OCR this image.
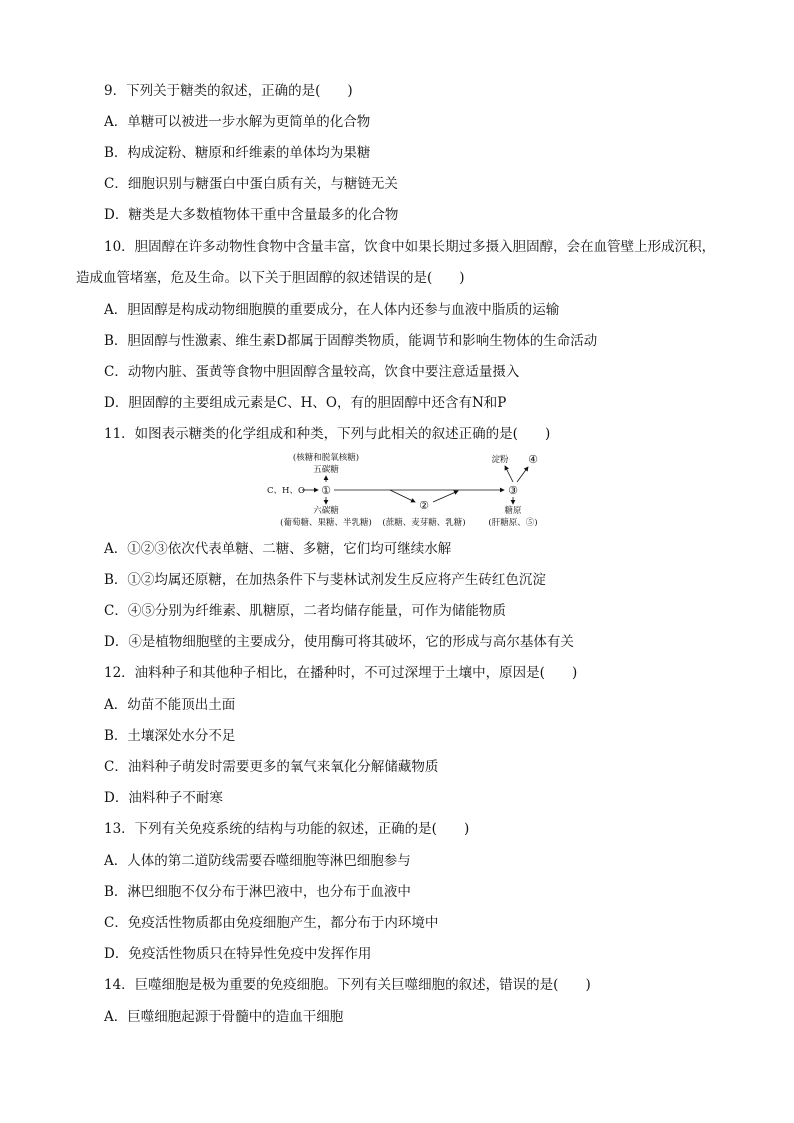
9．下列关于糖类的叙述，正确的是(　　)
A．单糖可以被进一步水解为更简单的化合物
B．构成淀粉、糖原和纤维素的单体均为果糖
C．细胞识别与糖蛋白中蛋白质有关，与糖链无关
D．糖类是大多数植物体干重中含量最多的化合物
10．胆固醇在许多动物性食物中含量丰富，饮食中如果长期过多摄入胆固醇，会在血管壁上形成沉积，
造成血管堵塞，危及生命。以下关于胆固醇的叙述错误的是(　　)
A．胆固醇是构成动物细胞膜的重要成分，在人体内还参与血液中脂质的运输
B．胆固醇与性激素、维生素D都属于固醇类物质，能调节和影响生物体的生命活动
C．动物内脏、蛋黄等食物中胆固醇含量较高，饮食中要注意适量摄入
D．胆固醇的主要组成元素是C、H、O，有的胆固醇中还含有N和P
11．如图表示糖类的化学组成和种类，下列与此相关的叙述正确的是(　　)
(核糖和脱氧核糖)
五碳糖
淀粉 ④
C、H、O ①
②
③
六碳糖
(葡萄糖、果糖、半乳糖) (蔗糖、麦芽糖、乳糖)
糖原
(肝糖原、⑤)
A．①②③依次代表单糖、二糖、多糖，它们均可继续水解
B．①②均属还原糖，在加热条件下与斐林试剂发生反应将产生砖红色沉淀
C．④⑤分别为纤维素、肌糖原，二者均储存能量，可作为储能物质
D．④是植物细胞壁的主要成分，使用酶可将其破坏，它的形成与高尔基体有关
12．油料种子和其他种子相比，在播种时，不可过深埋于土壤中，原因是(　　)
A．幼苗不能顶出土面
B．土壤深处水分不足
C．油料种子萌发时需要更多的氧气来氧化分解储藏物质
D．油料种子不耐寒
13．下列有关免疫系统的结构与功能的叙述，正确的是(　　)
A．人体的第二道防线需要吞噬细胞等淋巴细胞参与
B．淋巴细胞不仅分布于淋巴液中，也分布于血液中
C．免疫活性物质都由免疫细胞产生，都分布于内环境中
D．免疫活性物质只在特异性免疫中发挥作用
14．巨噬细胞是极为重要的免疫细胞。下列有关巨噬细胞的叙述，错误的是(　　)
A．巨噬细胞起源于骨髓中的造血干细胞
